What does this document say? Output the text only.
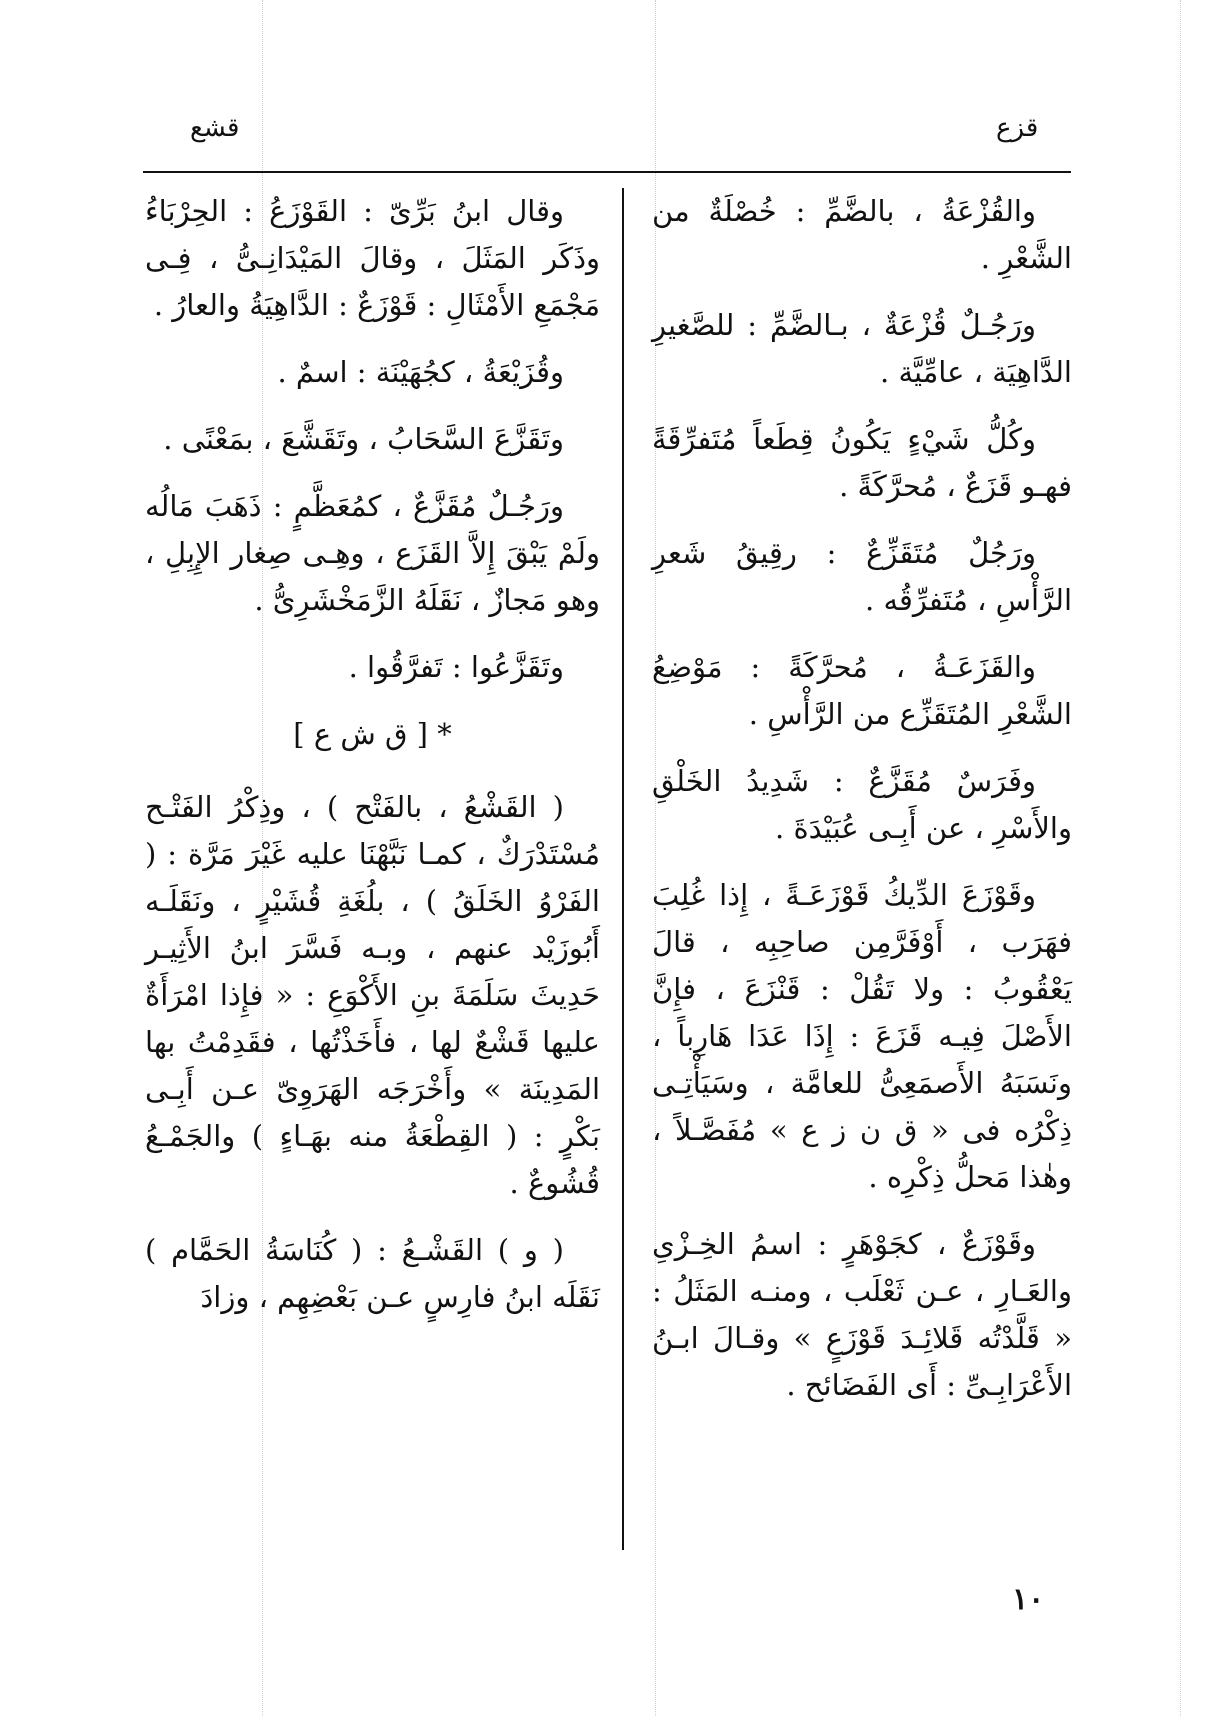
قزع
قشع

والقُزْعَةُ ، بالضَّمِّ : خُصْلَةٌ من الشَّعْرِ .

ورَجُـلٌ قُزْعَةٌ ، بـالضَّمِّ : للصَّغيرِ الدَّاهِيَة ، عامِّيَّة .

وكُلُّ شَيْءٍ يَكُونُ قِطَعاً مُتَفرِّقَةً فهـو قَزَعٌ ، مُحرَّكَةً .

ورَجُلٌ مُتَقَزِّعٌ : رقِيقُ شَعرِ الرَّأْسِ ، مُتَفرِّقُه .

والقَزَعَـةُ ، مُحرَّكَةً : مَوْضِعُ الشَّعْرِ المُتَقَزِّع من الرَّأْسِ .

وفَرَسٌ مُقَزَّعٌ : شَدِيدُ الخَلْقِ والأَسْرِ ، عن أَبِـى عُبَيْدَةَ .

وقَوْزَعَ الدِّيكُ قَوْزَعَـةً ، إِذا غُلِبَ فهَرَب ، أَوْفَرَّمِن صاحِبِه ، قالَ يَعْقُوبُ : ولا تَقُلْ : قَنْزَعَ ، فإِنَّ الأَصْلَ فِيـه قَزَعَ : إِذَا عَدَا هَارِباً ، ونَسَبَهُ الأَصمَعِىُّ للعامَّة ، وسَيَأْتِـى ذِكْرُه فى « ق ن ز ع » مُفَصَّـلاً ، وهٰذا مَحلُّ ذِكْرِه .

وقَوْزَعٌ ، كجَوْهَرٍ : اسمُ الخِـزْىِ والعَـارِ ، عـن ثَعْلَب ، ومنـه المَثَلُ : « قَلَّدْتُه قَلائِـدَ قَوْزَعٍ » وقـالَ ابـنُ الأَعْرَابِـىِّ : أَى الفَضَائح .

وقال ابنُ بَرِّىّ : القَوْزَعُ : الحِرْبَاءُ وذَكَر المَثَلَ ، وقالَ المَيْدَانِـىُّ ، فِـى مَجْمَعِ الأَمْثَالِ : قَوْزَعٌ : الدَّاهِيَةُ والعارُ .

وقُزَيْعَةُ ، كجُهَيْنَة : اسمٌ .

وتَقَزَّعَ السَّحَابُ ، وتَقَشَّعَ ، بمَعْنًى .

ورَجُـلٌ مُقَزَّعٌ ، كمُعَظَّمٍ : ذَهَبَ مَالُه ولَمْ يَبْقَ إِلاَّ القَزَع ، وهِـى صِغار الإِبِلِ ، وهو مَجازٌ ، نَقَلَهُ الزَّمَخْشَرِىُّ .

وتَقَزَّعُوا : تَفرَّقُوا .

* [ ق ش ع ]

( القَشْعُ ، بالفَتْح ) ، وذِكْرُ الفَتْـح مُسْتَدْرَكٌ ، كمـا نَبَّهْنَا عليه غَيْرَ مَرَّة : ( الفَرْوُ الخَلَقُ ) ، بلُغَةِ قُشَيْرٍ ، ونَقَلَـه أَبُوزَيْد عنهم ، وبـه فَسَّرَ ابنُ الأَثِيـر حَدِيثَ سَلَمَةَ بنِ الأَكْوَعِ : « فإِذا امْرَأَةٌ عليها قَشْعٌ لها ، فأَخَذْتُها ، فقَدِمْتُ بها المَدِينَة » وأَخْرَجَه الهَرَوِىّ عـن أَبِـى بَكْرٍ : ( القِطْعَةُ منه بهَـاءٍ ) والجَمْـعُ قُشُوعٌ .

( و ) القَشْـعُ : ( كُنَاسَةُ الحَمَّام ) نَقَلَه ابنُ فارِسٍ عـن بَعْضِهِم ، وزادَ

١٠
